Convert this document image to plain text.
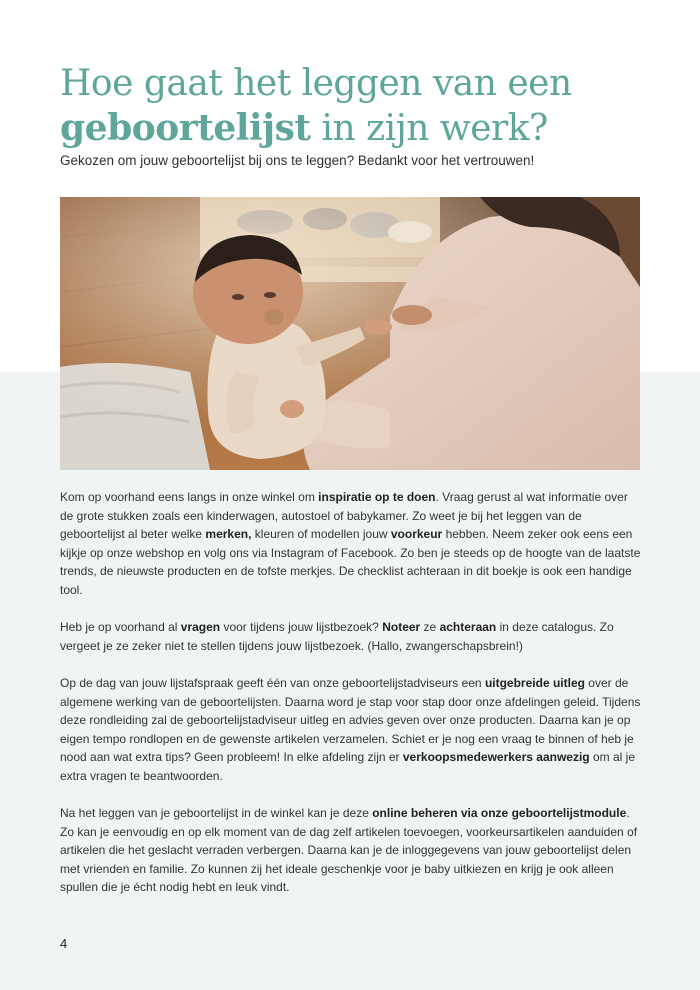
Hoe gaat het leggen van een
geboortelijst in zijn werk?

Gekozen om jouw geboortelijst bij ons te leggen? Bedankt voor het vertrouwen!

Kom op voorhand eens langs in onze winkel om inspiratie op te doen. Vraag gerust al wat informatie over de grote stukken zoals een kinderwagen, autostoel of babykamer. Zo weet je bij het leggen van de geboortelijst al beter welke merken, kleuren of modellen jouw voorkeur hebben. Neem zeker ook eens een kijkje op onze webshop en volg ons via Instagram of Facebook. Zo ben je steeds op de hoogte van de laatste trends, de nieuwste producten en de tofste merkjes. De checklist achteraan in dit boekje is ook een handige tool.

Heb je op voorhand al vragen voor tijdens jouw lijstbezoek? Noteer ze achteraan in deze catalogus. Zo vergeet je ze zeker niet te stellen tijdens jouw lijstbezoek. (Hallo, zwangerschapsbrein!)

Op de dag van jouw lijstafspraak geeft één van onze geboortelijstadviseurs een uitgebreide uitleg over de algemene werking van de geboortelijsten. Daarna word je stap voor stap door onze afdelingen geleid. Tijdens deze rondleiding zal de geboortelijstadviseur uitleg en advies geven over onze producten. Daarna kan je op eigen tempo rondlopen en de gewenste artikelen verzamelen. Schiet er je nog een vraag te binnen of heb je nood aan wat extra tips? Geen probleem! In elke afdeling zijn er verkoopsmedewerkers aanwezig om al je extra vragen te beantwoorden.

Na het leggen van je geboortelijst in de winkel kan je deze online beheren via onze geboortelijstmodule. Zo kan je eenvoudig en op elk moment van de dag zelf artikelen toevoegen, voorkeursartikelen aanduiden of artikelen die het geslacht verraden verbergen. Daarna kan je de inloggegevens van jouw geboortelijst delen met vrienden en familie. Zo kunnen zij het ideale geschenkje voor je baby uitkiezen en krijg je ook alleen spullen die je écht nodig hebt en leuk vindt.

4
